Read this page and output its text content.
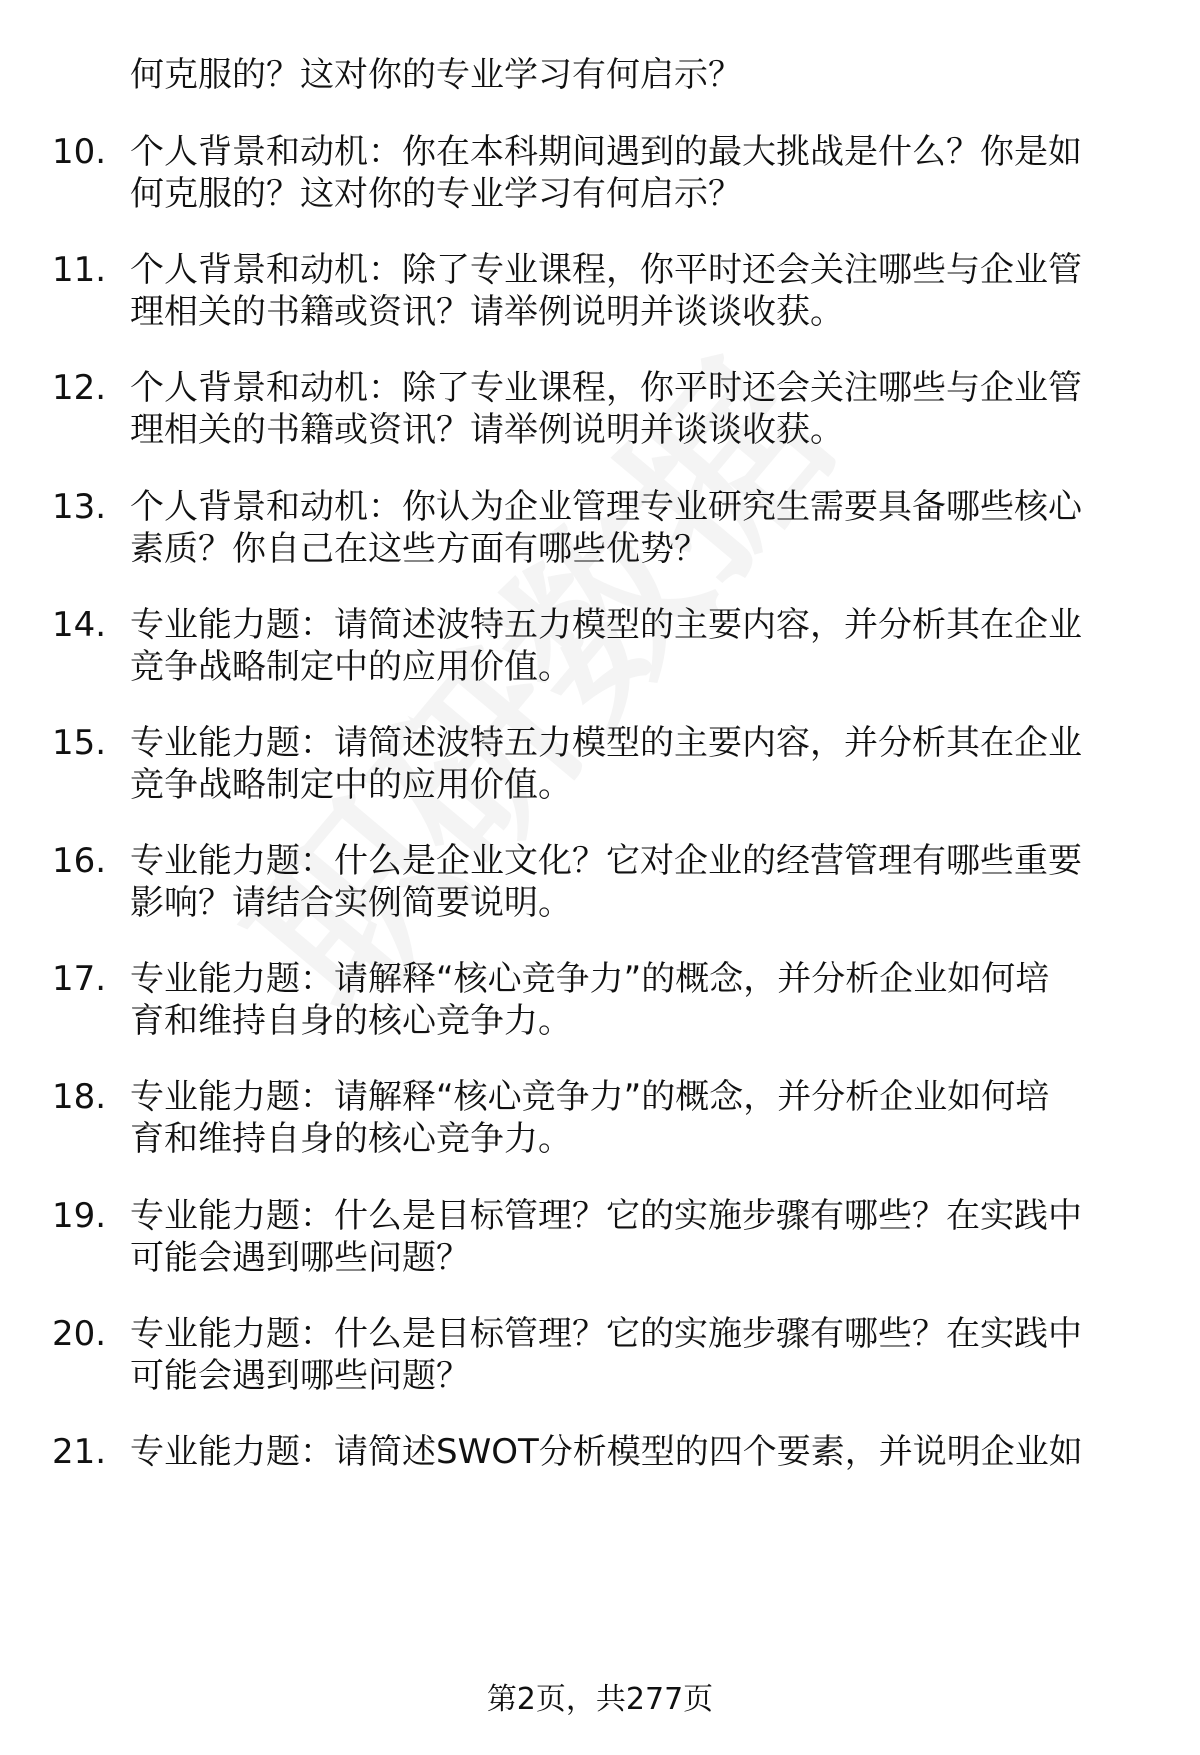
何克服的？这对你的专业学习有何启示？
10. 个人背景和动机：你在本科期间遇到的最大挑战是什么？你是如
何克服的？这对你的专业学习有何启示？
11. 个人背景和动机：除了专业课程，你平时还会关注哪些与企业管
理相关的书籍或资讯？请举例说明并谈谈收获。
12. 个人背景和动机：除了专业课程，你平时还会关注哪些与企业管
理相关的书籍或资讯？请举例说明并谈谈收获。
13. 个人背景和动机：你认为企业管理专业研究生需要具备哪些核心
素质？你自己在这些方面有哪些优势？
14. 专业能力题：请简述波特五力模型的主要内容，并分析其在企业
竞争战略制定中的应用价值。
15. 专业能力题：请简述波特五力模型的主要内容，并分析其在企业
竞争战略制定中的应用价值。
16. 专业能力题：什么是企业文化？它对企业的经营管理有哪些重要
影响？请结合实例简要说明。
17. 专业能力题：请解释“核心竞争力”的概念，并分析企业如何培
育和维持自身的核心竞争力。
18. 专业能力题：请解释“核心竞争力”的概念，并分析企业如何培
育和维持自身的核心竞争力。
19. 专业能力题：什么是目标管理？它的实施步骤有哪些？在实践中
可能会遇到哪些问题？
20. 专业能力题：什么是目标管理？它的实施步骤有哪些？在实践中
可能会遇到哪些问题？
21. 专业能力题：请简述SWOT分析模型的四个要素，并说明企业如
第2页，共277页
